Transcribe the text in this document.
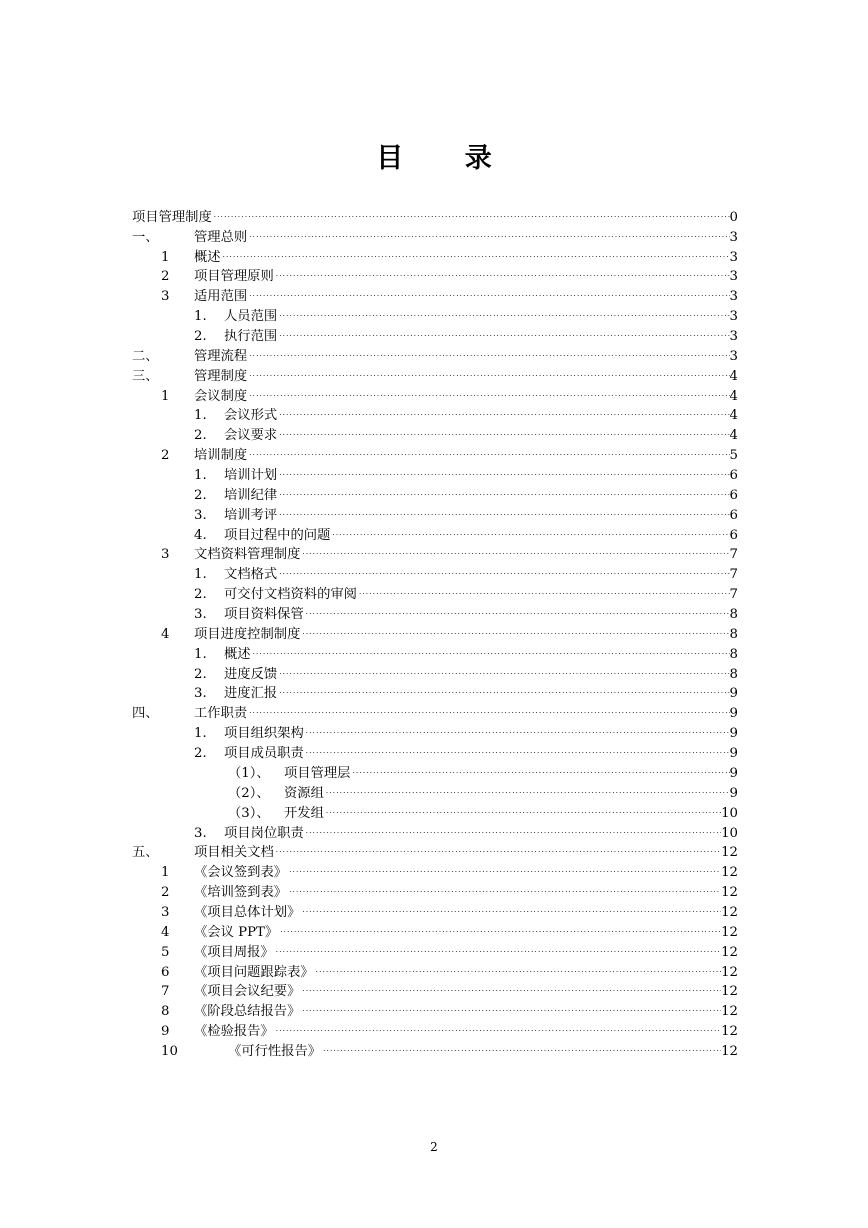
目 录
项目管理制度 . . .	0
一、	管理总则 . . .	3
1	概述 . . .	3
2	项目管理原则 . . .	3
3	适用范围 . . .	3
1.	人员范围 . . .	3
2.	执行范围 . . .	3
二、	管理流程 . . .	3
三、	管理制度 . . .	4
1	会议制度 . . .	4
1.	会议形式 . . .	4
2.	会议要求 . . .	4
2	培训制度 . . .	5
1.	培训计划 . . .	6
2.	培训纪律 . . .	6
3.	培训考评 . . .	6
4.	项目过程中的问题 . . .	6
3	文档资料管理制度 . . .	7
1.	文档格式 . . .	7
2.	可交付文档资料的审阅 . . .	7
3.	项目资料保管 . . .	8
4	项目进度控制制度 . . .	8
1.	概述 . . .	8
2.	进度反馈 . . .	8
3.	进度汇报 . . .	9
四、	工作职责 . . .	9
1.	项目组织架构 . . .	9
2.	项目成员职责 . . .	9
（1）、	项目管理层 . . .	9
（2）、	资源组 . . .	9
（3）、	开发组 . . .	10
3.	项目岗位职责 . . .	10
五、	项目相关文档 . . .	12
1	《会议签到表》 . . .	12
2	《培训签到表》 . . .	12
3	《项目总体计划》 . . .	12
4	《会议 PPT》 . . .	12
5	《项目周报》 . . .	12
6	《项目问题跟踪表》 . . .	12
7	《项目会议纪要》 . . .	12
8	《阶段总结报告》 . . .	12
9	《检验报告》 . . .	12
10	《可行性报告》 . . .	12
2
